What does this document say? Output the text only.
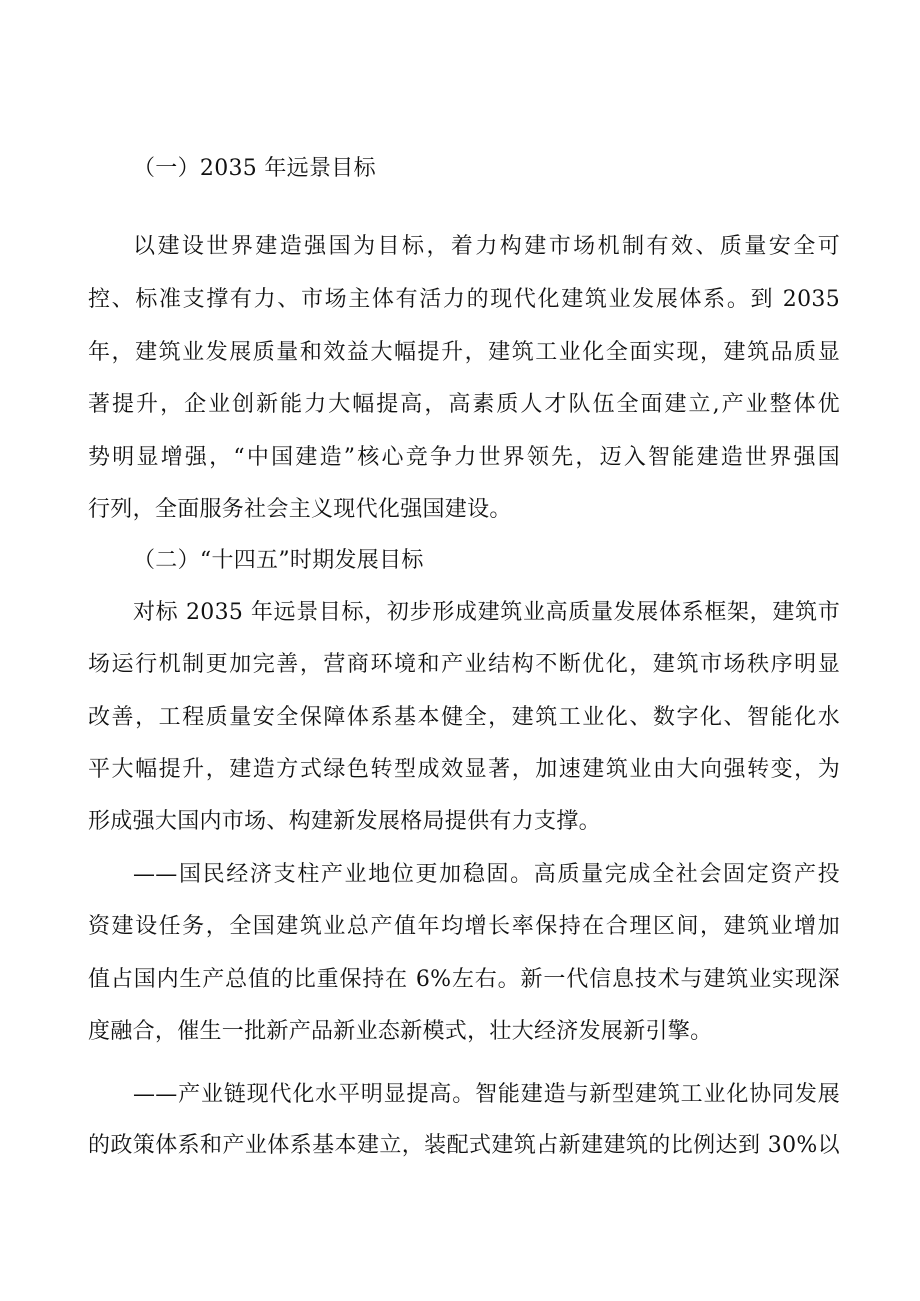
（一）2035 年远景目标
以建设世界建造强国为目标，着力构建市场机制有效、质量安全可
控、标准支撑有力、市场主体有活力的现代化建筑业发展体系。到 2035
年，建筑业发展质量和效益大幅提升，建筑工业化全面实现，建筑品质显
著提升，企业创新能力大幅提高，高素质人才队伍全面建立,产业整体优
势明显增强，“中国建造”核心竞争力世界领先，迈入智能建造世界强国
行列，全面服务社会主义现代化强国建设。
（二）“十四五”时期发展目标
对标 2035 年远景目标，初步形成建筑业高质量发展体系框架，建筑市
场运行机制更加完善，营商环境和产业结构不断优化，建筑市场秩序明显
改善，工程质量安全保障体系基本健全，建筑工业化、数字化、智能化水
平大幅提升，建造方式绿色转型成效显著，加速建筑业由大向强转变，为
形成强大国内市场、构建新发展格局提供有力支撑。
——国民经济支柱产业地位更加稳固。高质量完成全社会固定资产投
资建设任务，全国建筑业总产值年均增长率保持在合理区间，建筑业增加
值占国内生产总值的比重保持在 6%左右。新一代信息技术与建筑业实现深
度融合，催生一批新产品新业态新模式，壮大经济发展新引擎。
——产业链现代化水平明显提高。智能建造与新型建筑工业化协同发展
的政策体系和产业体系基本建立，装配式建筑占新建建筑的比例达到 30%以
